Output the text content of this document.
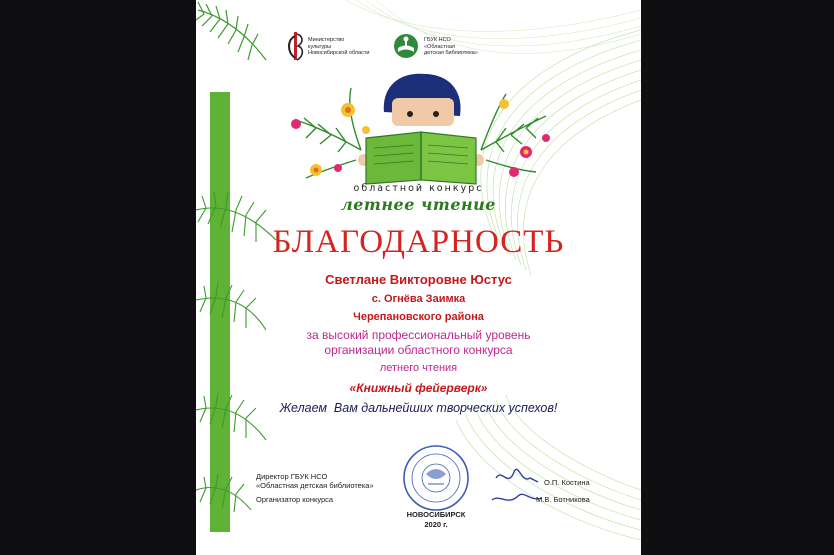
Министерство
культуры
Новосибирской области
ГБУК НСО
«Областная
детская библиотека»
областной конкурс
летнее чтение
БЛАГОДАРНОСТЬ
Светлане Викторовне Юстус
с. Огнёва Заимка
Черепановского района
за высокий профессиональный уровень
организации областного конкурса
летнего чтения
«Книжный фейерверк»
Желаем  Вам дальнейших творческих успехов!
Директор ГБУК НСО
«Областная детская библиотека»
Организатор конкурса
О.П. Костина
М.В. Ботникова
НОВОСИБИРСК
2020 г.
